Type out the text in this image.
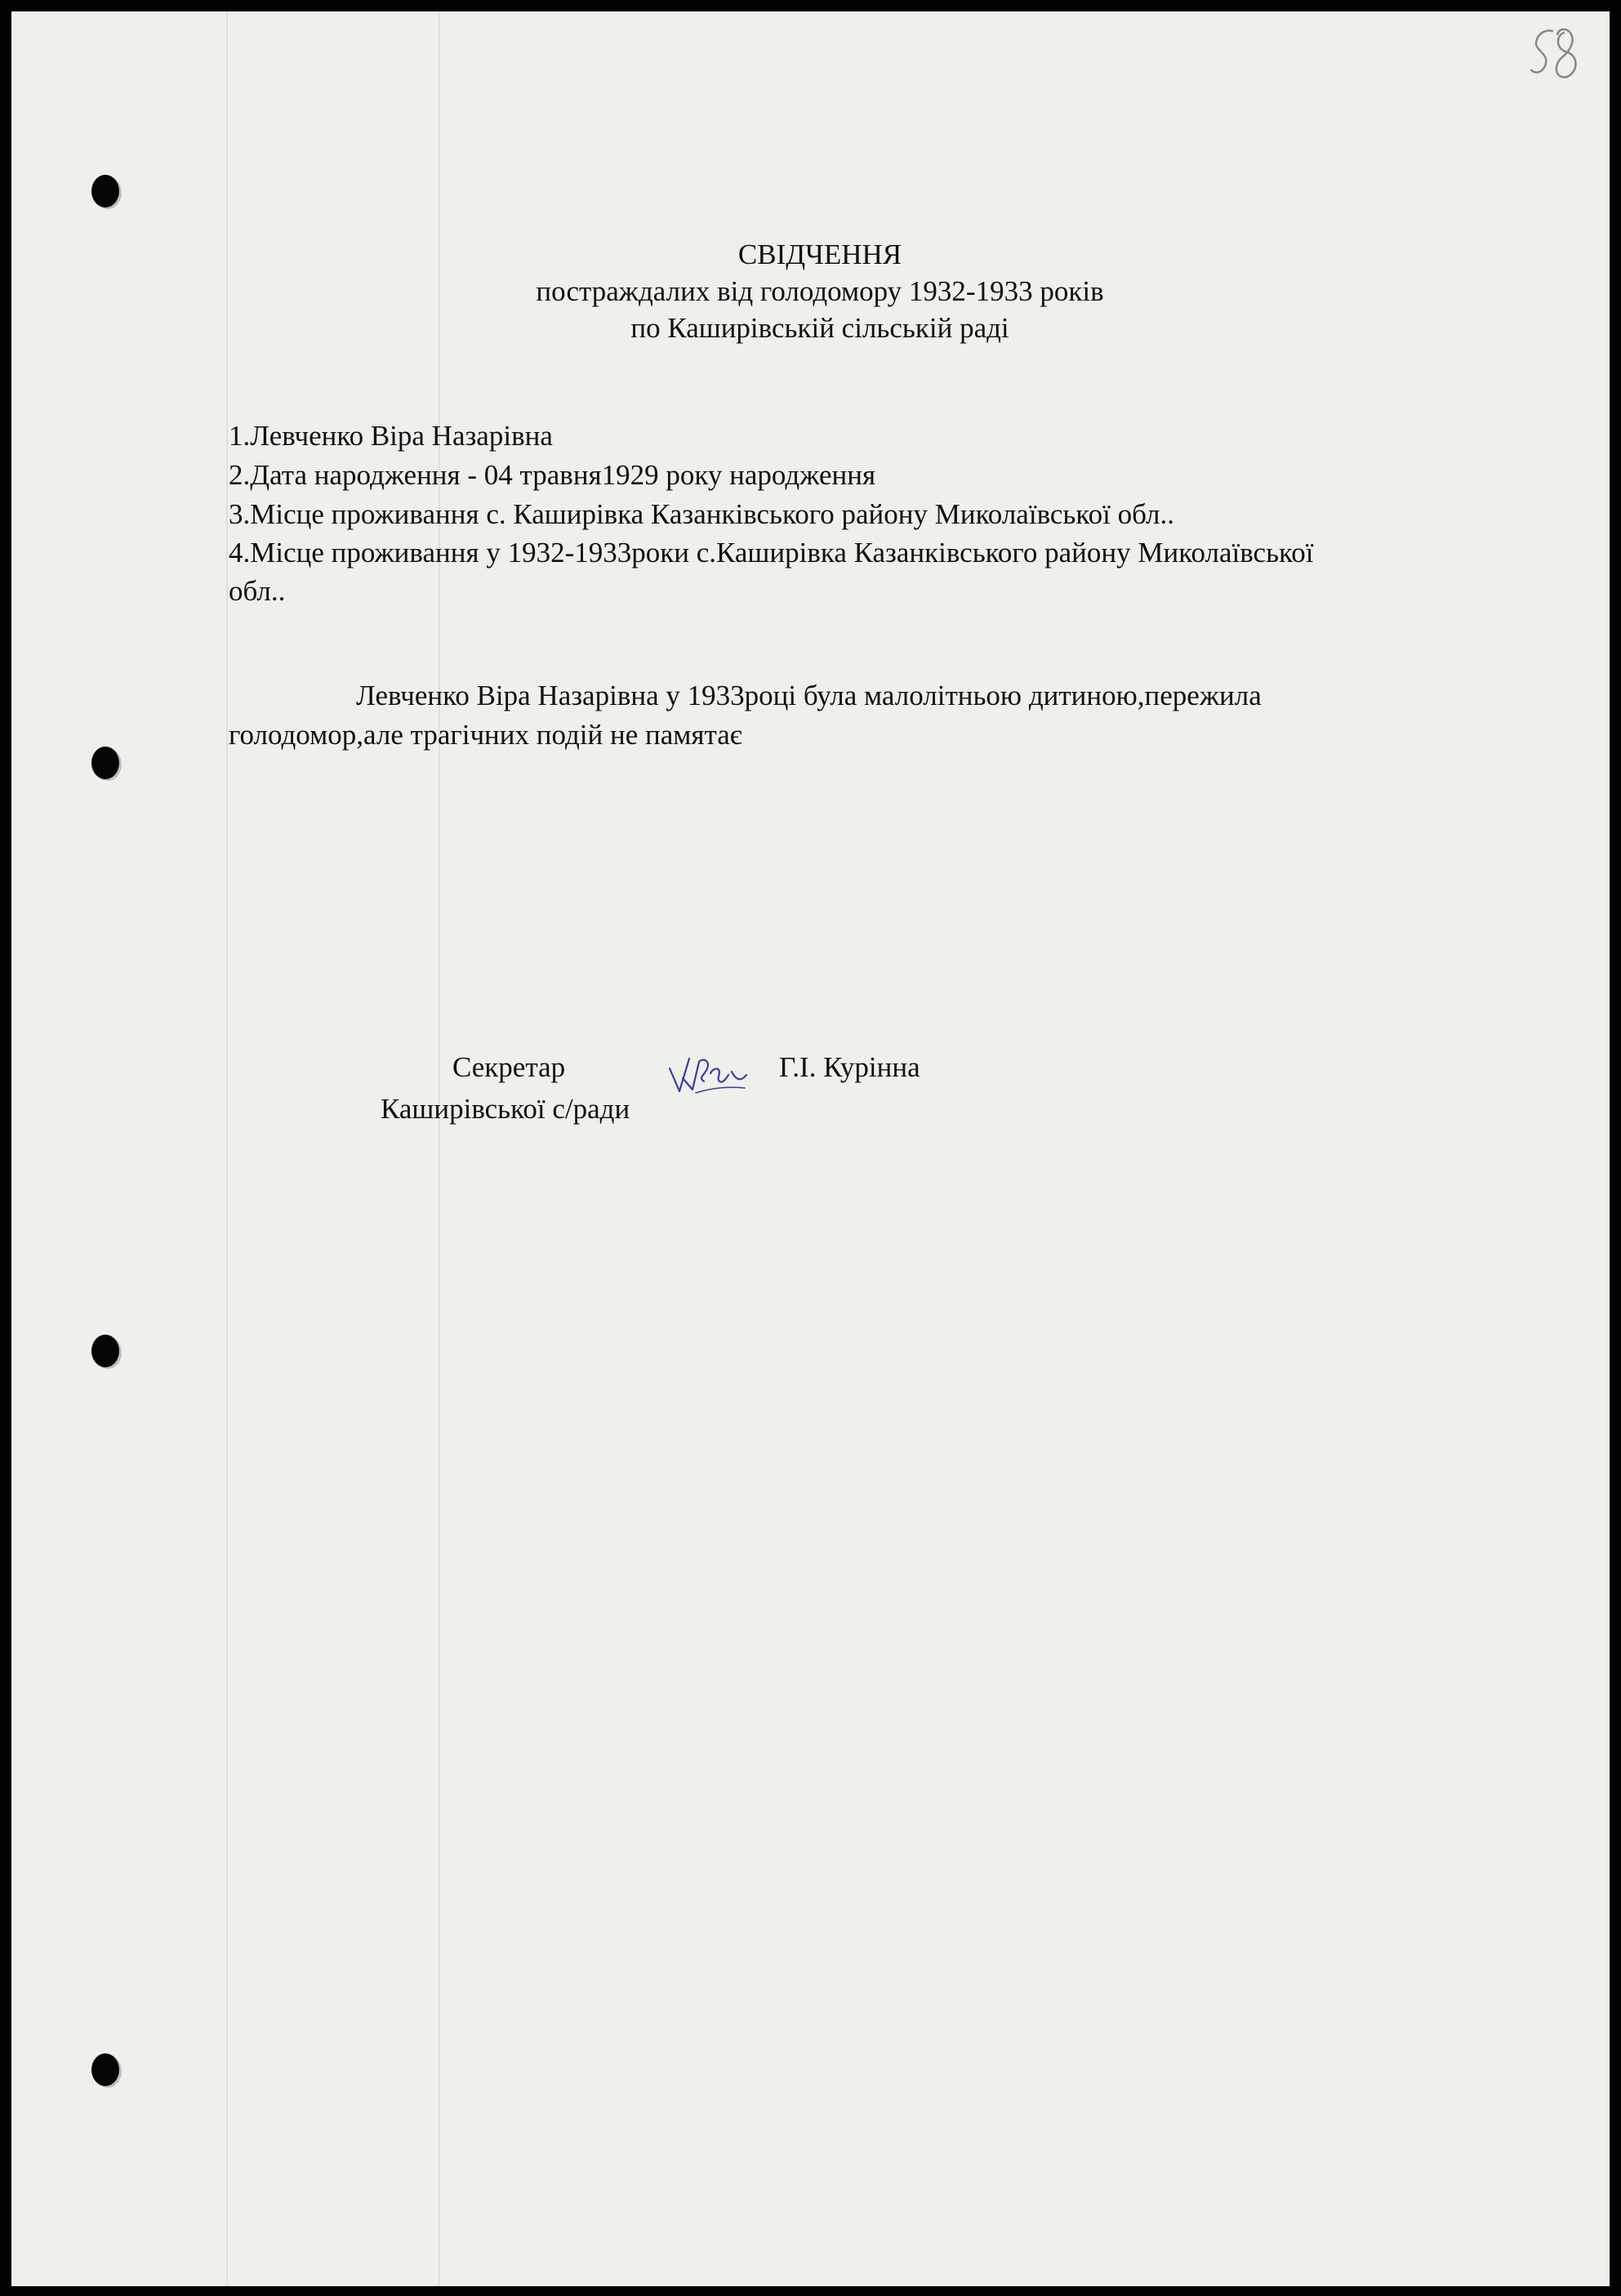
СВІДЧЕННЯ
постраждалих від голодомору 1932-1933 років
по Каширівській сільській раді
1.Левченко Віра Назарівна
2.Дата народження - 04 травня1929 року народження
3.Місце проживання с. Каширівка Казанківського району Миколаївської обл..
4.Місце проживання у 1932-1933роки с.Каширівка Казанківського району Миколаївської
обл..
Левченко Віра Назарівна у 1933році була малолітньою дитиною,пережила
голодомор,але трагічних подій не памятає
Секретар
Каширівської с/ради
Г.І. Курінна
